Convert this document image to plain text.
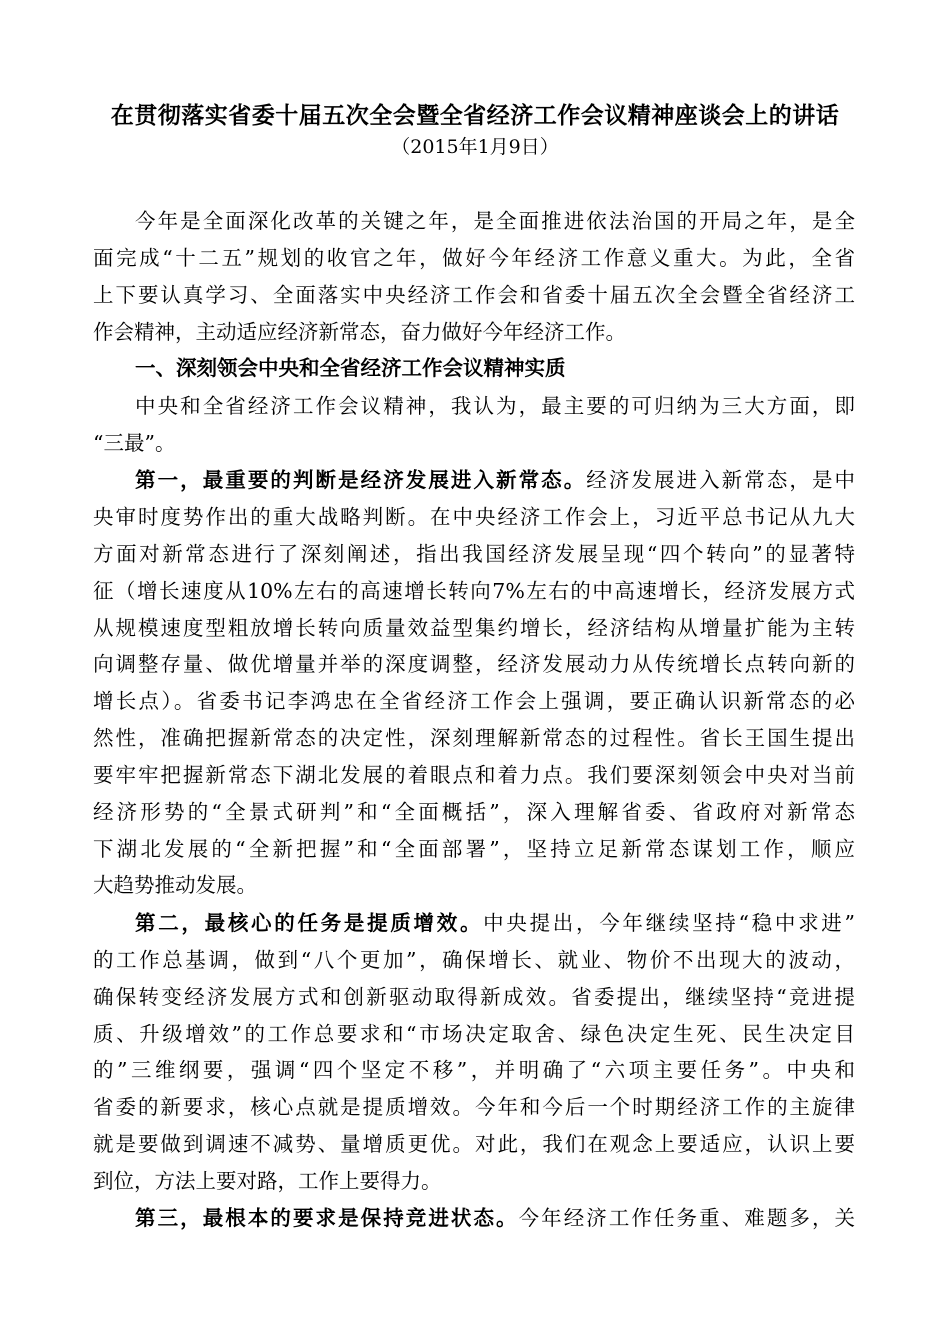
在贯彻落实省委十届五次全会暨全省经济工作会议精神座谈会上的讲话
（2015年1月9日）
今年是全面深化改革的关键之年，是全面推进依法治国的开局之年，是全
面完成“十二五”规划的收官之年，做好今年经济工作意义重大。为此，全省
上下要认真学习、全面落实中央经济工作会和省委十届五次全会暨全省经济工
作会精神，主动适应经济新常态，奋力做好今年经济工作。
一、深刻领会中央和全省经济工作会议精神实质
中央和全省经济工作会议精神，我认为，最主要的可归纳为三大方面，即
“三最”。
第一，最重要的判断是经济发展进入新常态。经济发展进入新常态，是中
央审时度势作出的重大战略判断。在中央经济工作会上，习近平总书记从九大
方面对新常态进行了深刻阐述，指出我国经济发展呈现“四个转向”的显著特
征（增长速度从10%左右的高速增长转向7%左右的中高速增长，经济发展方式
从规模速度型粗放增长转向质量效益型集约增长，经济结构从增量扩能为主转
向调整存量、做优增量并举的深度调整，经济发展动力从传统增长点转向新的
增长点）。省委书记李鸿忠在全省经济工作会上强调，要正确认识新常态的必
然性，准确把握新常态的决定性，深刻理解新常态的过程性。省长王国生提出
要牢牢把握新常态下湖北发展的着眼点和着力点。我们要深刻领会中央对当前
经济形势的“全景式研判”和“全面概括”，深入理解省委、省政府对新常态
下湖北发展的“全新把握”和“全面部署”，坚持立足新常态谋划工作，顺应
大趋势推动发展。
第二，最核心的任务是提质增效。中央提出，今年继续坚持“稳中求进”
的工作总基调，做到“八个更加”，确保增长、就业、物价不出现大的波动，
确保转变经济发展方式和创新驱动取得新成效。省委提出，继续坚持“竞进提
质、升级增效”的工作总要求和“市场决定取舍、绿色决定生死、民生决定目
的”三维纲要，强调“四个坚定不移”，并明确了“六项主要任务”。中央和
省委的新要求，核心点就是提质增效。今年和今后一个时期经济工作的主旋律
就是要做到调速不减势、量增质更优。对此，我们在观念上要适应，认识上要
到位，方法上要对路，工作上要得力。
第三，最根本的要求是保持竞进状态。今年经济工作任务重、难题多，关
